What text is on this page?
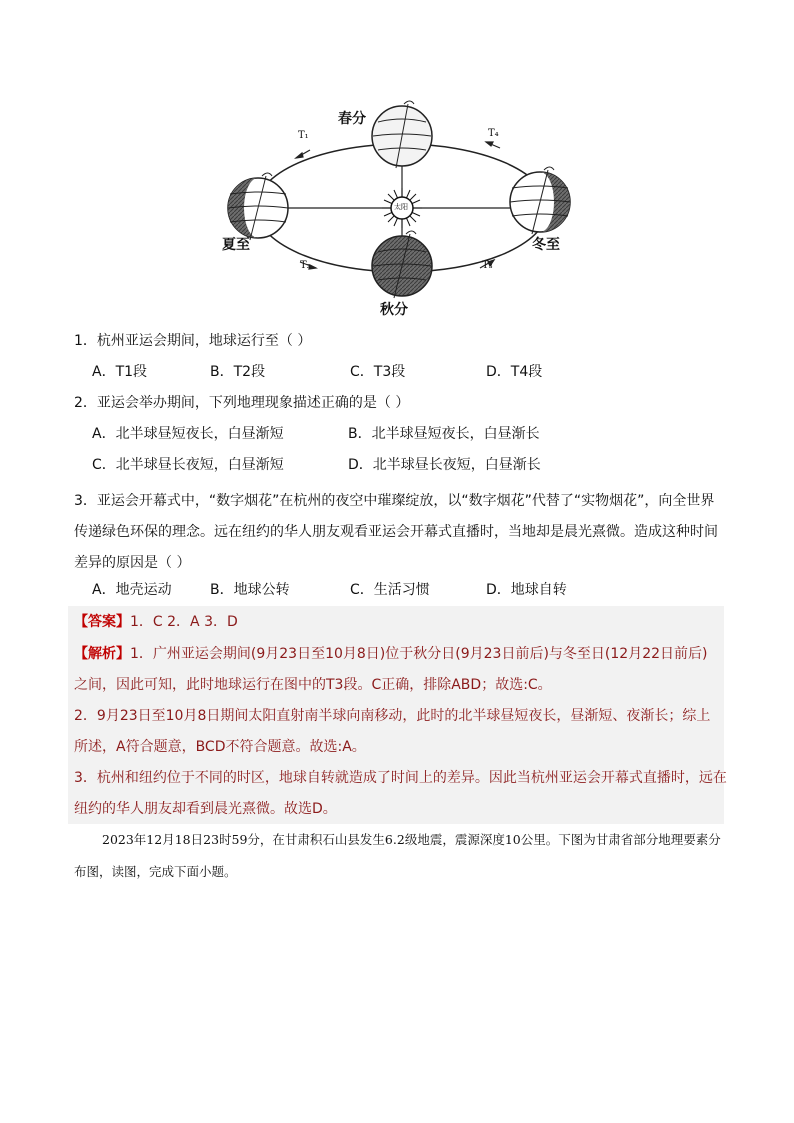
春分
夏至
秋分
冬至
太阳
T₁	T₄
T₂	T₃
1．杭州亚运会期间，地球运行至（ ）
A．T1段	B．T2段	C．T3段	D．T4段
2．亚运会举办期间，下列地理现象描述正确的是（ ）
A．北半球昼短夜长，白昼渐短	B．北半球昼短夜长，白昼渐长
C．北半球昼长夜短，白昼渐短	D．北半球昼长夜短，白昼渐长
3．亚运会开幕式中，“数字烟花”在杭州的夜空中璀璨绽放，以“数字烟花”代替了“实物烟花”，向全世界传递绿色环保的理念。远在纽约的华人朋友观看亚运会开幕式直播时，当地却是晨光熹微。造成这种时间差异的原因是（ ）
A．地壳运动	B．地球公转	C．生活习惯	D．地球自转
【答案】1．C 2．A 3．D
【解析】1．广州亚运会期间(9月23日至10月8日)位于秋分日(9月23日前后)与冬至日(12月22日前后)
之间，因此可知，此时地球运行在图中的T3段。C正确，排除ABD；故选:C。
2．9月23日至10月8日期间太阳直射南半球向南移动，此时的北半球昼短夜长，昼渐短、夜渐长；综上
所述，A符合题意，BCD不符合题意。故选:A。
3．杭州和纽约位于不同的时区，地球自转就造成了时间上的差异。因此当杭州亚运会开幕式直播时，远在
纽约的华人朋友却看到晨光熹微。故选D。
2023年12月18日23时59分，在甘肃积石山县发生6.2级地震，震源深度10公里。下图为甘肃省部分地理要素分布图，读图，完成下面小题。
